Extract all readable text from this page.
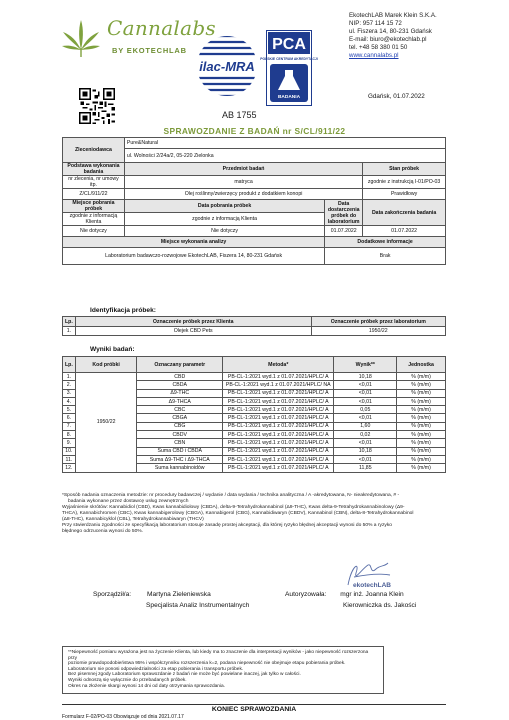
Cannalabs
BY EKOTECHLAB
ilac-MRA
PCA
POLSKIE CENTRUM AKREDYTACJI
BADANIA
AB 1755
EkotechLAB Marek Klein S.K.A.
NIP: 957 114 15 72
ul. Fiszera 14, 80-231 Gdańsk
E-mail: biuro@ekotechlab.pl
tel. +48 58 380 01 50
www.cannalabs.pl
Gdańsk, 01.07.2022
SPRAWOZDANIE Z BADAŃ nr S/CL/911/22
Zleceniodawca	Pure&Natural		
	ul. Wolności 2/24a/2, 05-220 Zielonka		
Podstawa wykonania badania	Przedmiot badań		Stan próbek
nr zlecenia, nr umowy itp.	matryca		zgodnie z instrukcją I-01/PO-03
Z/CL/911/22	Olej roślinny/zwierzęcy produkt z dodatkiem konopi		Prawidłowy
Miejsce pobrania próbek	Data pobrania próbek	Data dostarczenia próbek do laboratorium	Data zakończenia badania
zgodnie z informacją Klienta	zgodnie z informacją Klienta		
Nie dotyczy	Nie dotyczy	01.07.2022	01.07.2022
Miejsce wykonania analizy		Dodatkowe informacje	
Laboratorium badawczo-rozwojowe EkotechLAB, Fiszera 14, 80-231 Gdańsk		Brak	
Identyfikacja próbek:
Lp.	Oznaczenie próbek przez Klienta	Oznaczenie próbek przez laboratorium
1.	Olejek CBD Pets	1950/22
Wyniki badań:
Lp.	Kod próbki	Oznaczany parametr	Metoda*	Wynik**	Jednostka
1.	1950/22	CBD	PB-CL-1:2021 wyd.1 z 01.07.2021/HPLC/ A	10,18	% (m/m)
2.		CBDA	PB-CL-1:2021 wyd.1 z 01.07.2021/HPLC/ NA	<0,01	% (m/m)
3.		Δ9-THC	PB-CL-1:2021 wyd.1 z 01.07.2021/HPLC/ A	<0,01	% (m/m)
4.		Δ9-THCA	PB-CL-1:2021 wyd.1 z 01.07.2021/HPLC/ A	<0,01	% (m/m)
5.		CBC	PB-CL-1:2021 wyd.1 z 01.07.2021/HPLC/ A	0,05	% (m/m)
6.		CBGA	PB-CL-1:2021 wyd.1 z 01.07.2021/HPLC/ A	<0,01	% (m/m)
7.		CBG	PB-CL-1:2021 wyd.1 z 01.07.2021/HPLC/ A	1,60	% (m/m)
8.		CBDV	PB-CL-1:2021 wyd.1 z 01.07.2021/HPLC/ A	0,02	% (m/m)
9.		CBN	PB-CL-1:2021 wyd.1 z 01.07.2021/HPLC/ A	<0,01	% (m/m)
10.		Suma CBD i CBDA	PB-CL-1:2021 wyd.1 z 01.07.2021/HPLC/ A	10,18	% (m/m)
11.		Suma Δ9-THC i Δ9-THCA	PB-CL-1:2021 wyd.1 z 01.07.2021/HPLC/ A	<0,01	% (m/m)
12.		Suma kannabinoidów	PB-CL-1:2021 wyd.1 z 01.07.2021/HPLC/ A	11,85	% (m/m)
*Sposób nadania oznaczenia metodzie: nr procedury badawczej / wydanie / data wydania / technika analityczna / A -akredytowana, N- nieakredytowana, # -
badania wykonane przez dostawcę usług zewnętrznych
Wyjaśnienie skrótów: Kannabidiol (CBD), Kwas kannabidiolowy (CBDA), delta-9-Tetrahydrokannabinol (Δ9-THC), Kwas delta-9-Tetrahydrokannabinolowy (Δ9-
THCA), Kannabichromen (CBC), Kwas kannabigerolowy (CBGA), Kannabigerol (CBG), Kannabidiwaryn (CBDV), Kannabinol (CBN), delta-8-Tetrahydrokannabinol
(Δ8-THC), Kannabicyklol (CBL), Tetrahydrokannabiwaryn (THCV)
Przy stwierdzaniu zgodności ze specyfikacją laboratorium stosuje zasadę prostej akceptacji, dla której ryzyko błędnej akceptacji wynosi do 50% a ryzyko
błędnego odrzucenia wynosi do 50%.
ekotechLAB
Sporządził/a: Martyna Zieleniewska
Specjalista Analiz Instrumentalnych
Autoryzowała: mgr inż. Joanna Klein
Kierowniczka ds. Jakości
**Niepewność pomiaru wyrażona jest na życzenie Klienta, lub kiedy ma to znaczenie dla interpretacji wyników - jako niepewność rozszerzona przy
poziomie prawdopodobieństwa 95% i współczynniku rozszerzenia k=2, podana niepewność nie obejmuje etapu pobierania próbek.
Laboratorium nie ponosi odpowiedzialności za etap pobierania i transportu próbek.
Bez pisemnej zgody Laboratorium sprawozdanie z badań nie może być powielane inaczej, jak tylko w całości.
Wyniki odnoszą się wyłącznie do przebadanych próbek.
Okres na złożenie skargi wynosi 14 dni od daty otrzymania sprawozdania.
KONIEC SPRAWOZDANIA
Formularz F-02/PO-03 Obowiązuje od dnia 2021.07.17
